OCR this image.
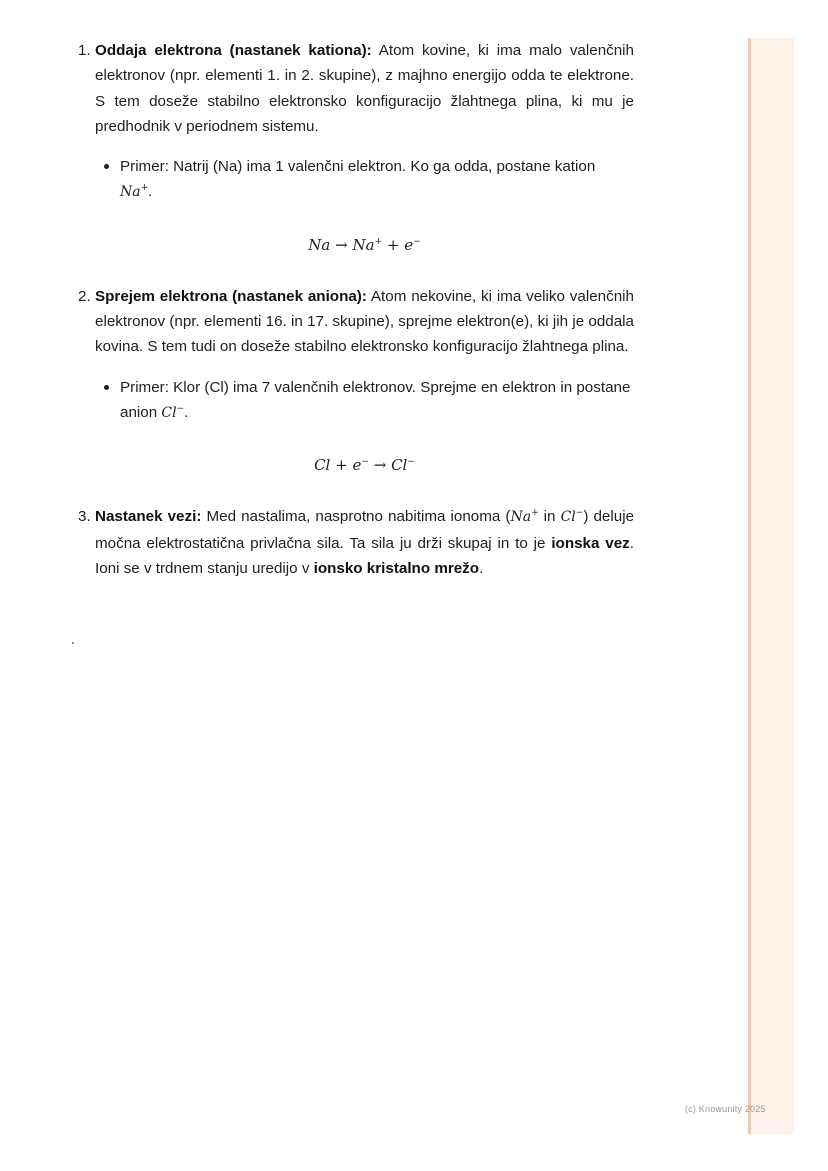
1. Oddaja elektrona (nastanek kationa): Atom kovine, ki ima malo valenčnih elektronov (npr. elementi 1. in 2. skupine), z majhno energijo odda te elektrone. S tem doseže stabilno elektronsko konfiguracijo žlahtnega plina, ki mu je predhodnik v periodnem sistemu.

Primer: Natrij (Na) ima 1 valenčni elektron. Ko ga odda, postane kation
Na+.
Na → Na+ + e−
2. Sprejem elektrona (nastanek aniona): Atom nekovine, ki ima veliko valenčnih elektronov (npr. elementi 16. in 17. skupine), sprejme elektron(e), ki jih je oddala kovina. S tem tudi on doseže stabilno elektronsko konfiguracijo žlahtnega plina.

Primer: Klor (Cl) ima 7 valenčnih elektronov. Sprejme en elektron in postane anion Cl−.
Cl + e− → Cl−
3. Nastanek vezi: Med nastalima, nasprotno nabitima ionoma (Na+ in Cl−) deluje močna elektrostatična privlačna sila. Ta sila ju drži skupaj in to je ionska vez. Ioni se v trdnem stanju uredijo v ionsko kristalno mrežo.

(c) Knowunity 2025
